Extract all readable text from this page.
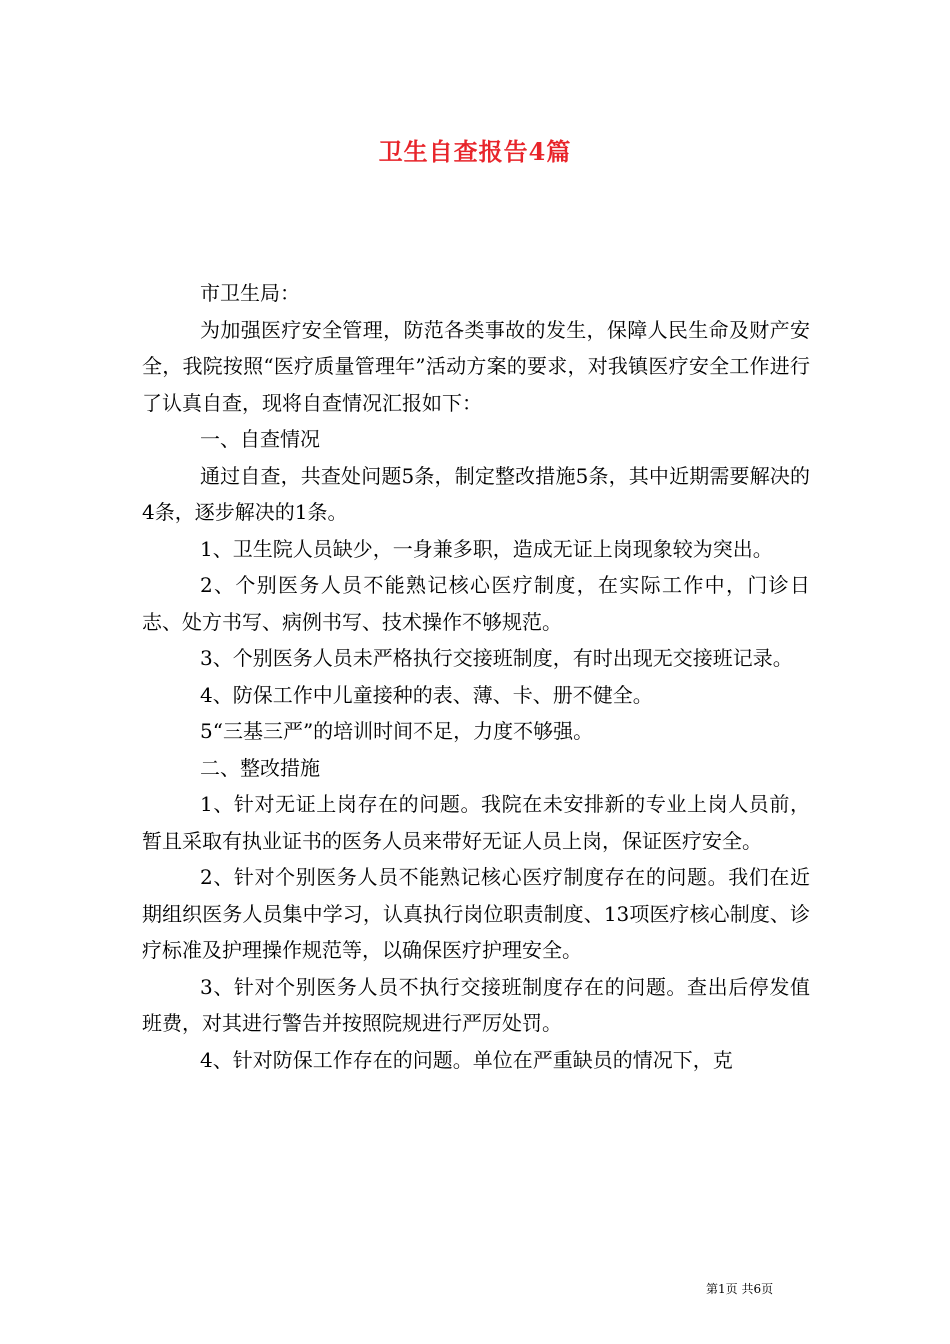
卫生自查报告4篇

市卫生局：

为加强医疗安全管理，防范各类事故的发生，保障人民生命及财产安全，我院按照“医疗质量管理年”活动方案的要求，对我镇医疗安全工作进行了认真自查，现将自查情况汇报如下：

一、自查情况

通过自查，共查处问题5条，制定整改措施5条，其中近期需要解决的4条，逐步解决的1条。

1、卫生院人员缺少，一身兼多职，造成无证上岗现象较为突出。

2、个别医务人员不能熟记核心医疗制度，在实际工作中，门诊日志、处方书写、病例书写、技术操作不够规范。

3、个别医务人员未严格执行交接班制度，有时出现无交接班记录。

4、防保工作中儿童接种的表、薄、卡、册不健全。

5“三基三严”的培训时间不足，力度不够强。

二、整改措施

1、针对无证上岗存在的问题。我院在未安排新的专业上岗人员前，暂且采取有执业证书的医务人员来带好无证人员上岗，保证医疗安全。

2、针对个别医务人员不能熟记核心医疗制度存在的问题。我们在近期组织医务人员集中学习，认真执行岗位职责制度、13项医疗核心制度、诊疗标准及护理操作规范等，以确保医疗护理安全。

3、针对个别医务人员不执行交接班制度存在的问题。查出后停发值班费，对其进行警告并按照院规进行严厉处罚。

4、针对防保工作存在的问题。单位在严重缺员的情况下，克

第1页 共6页
